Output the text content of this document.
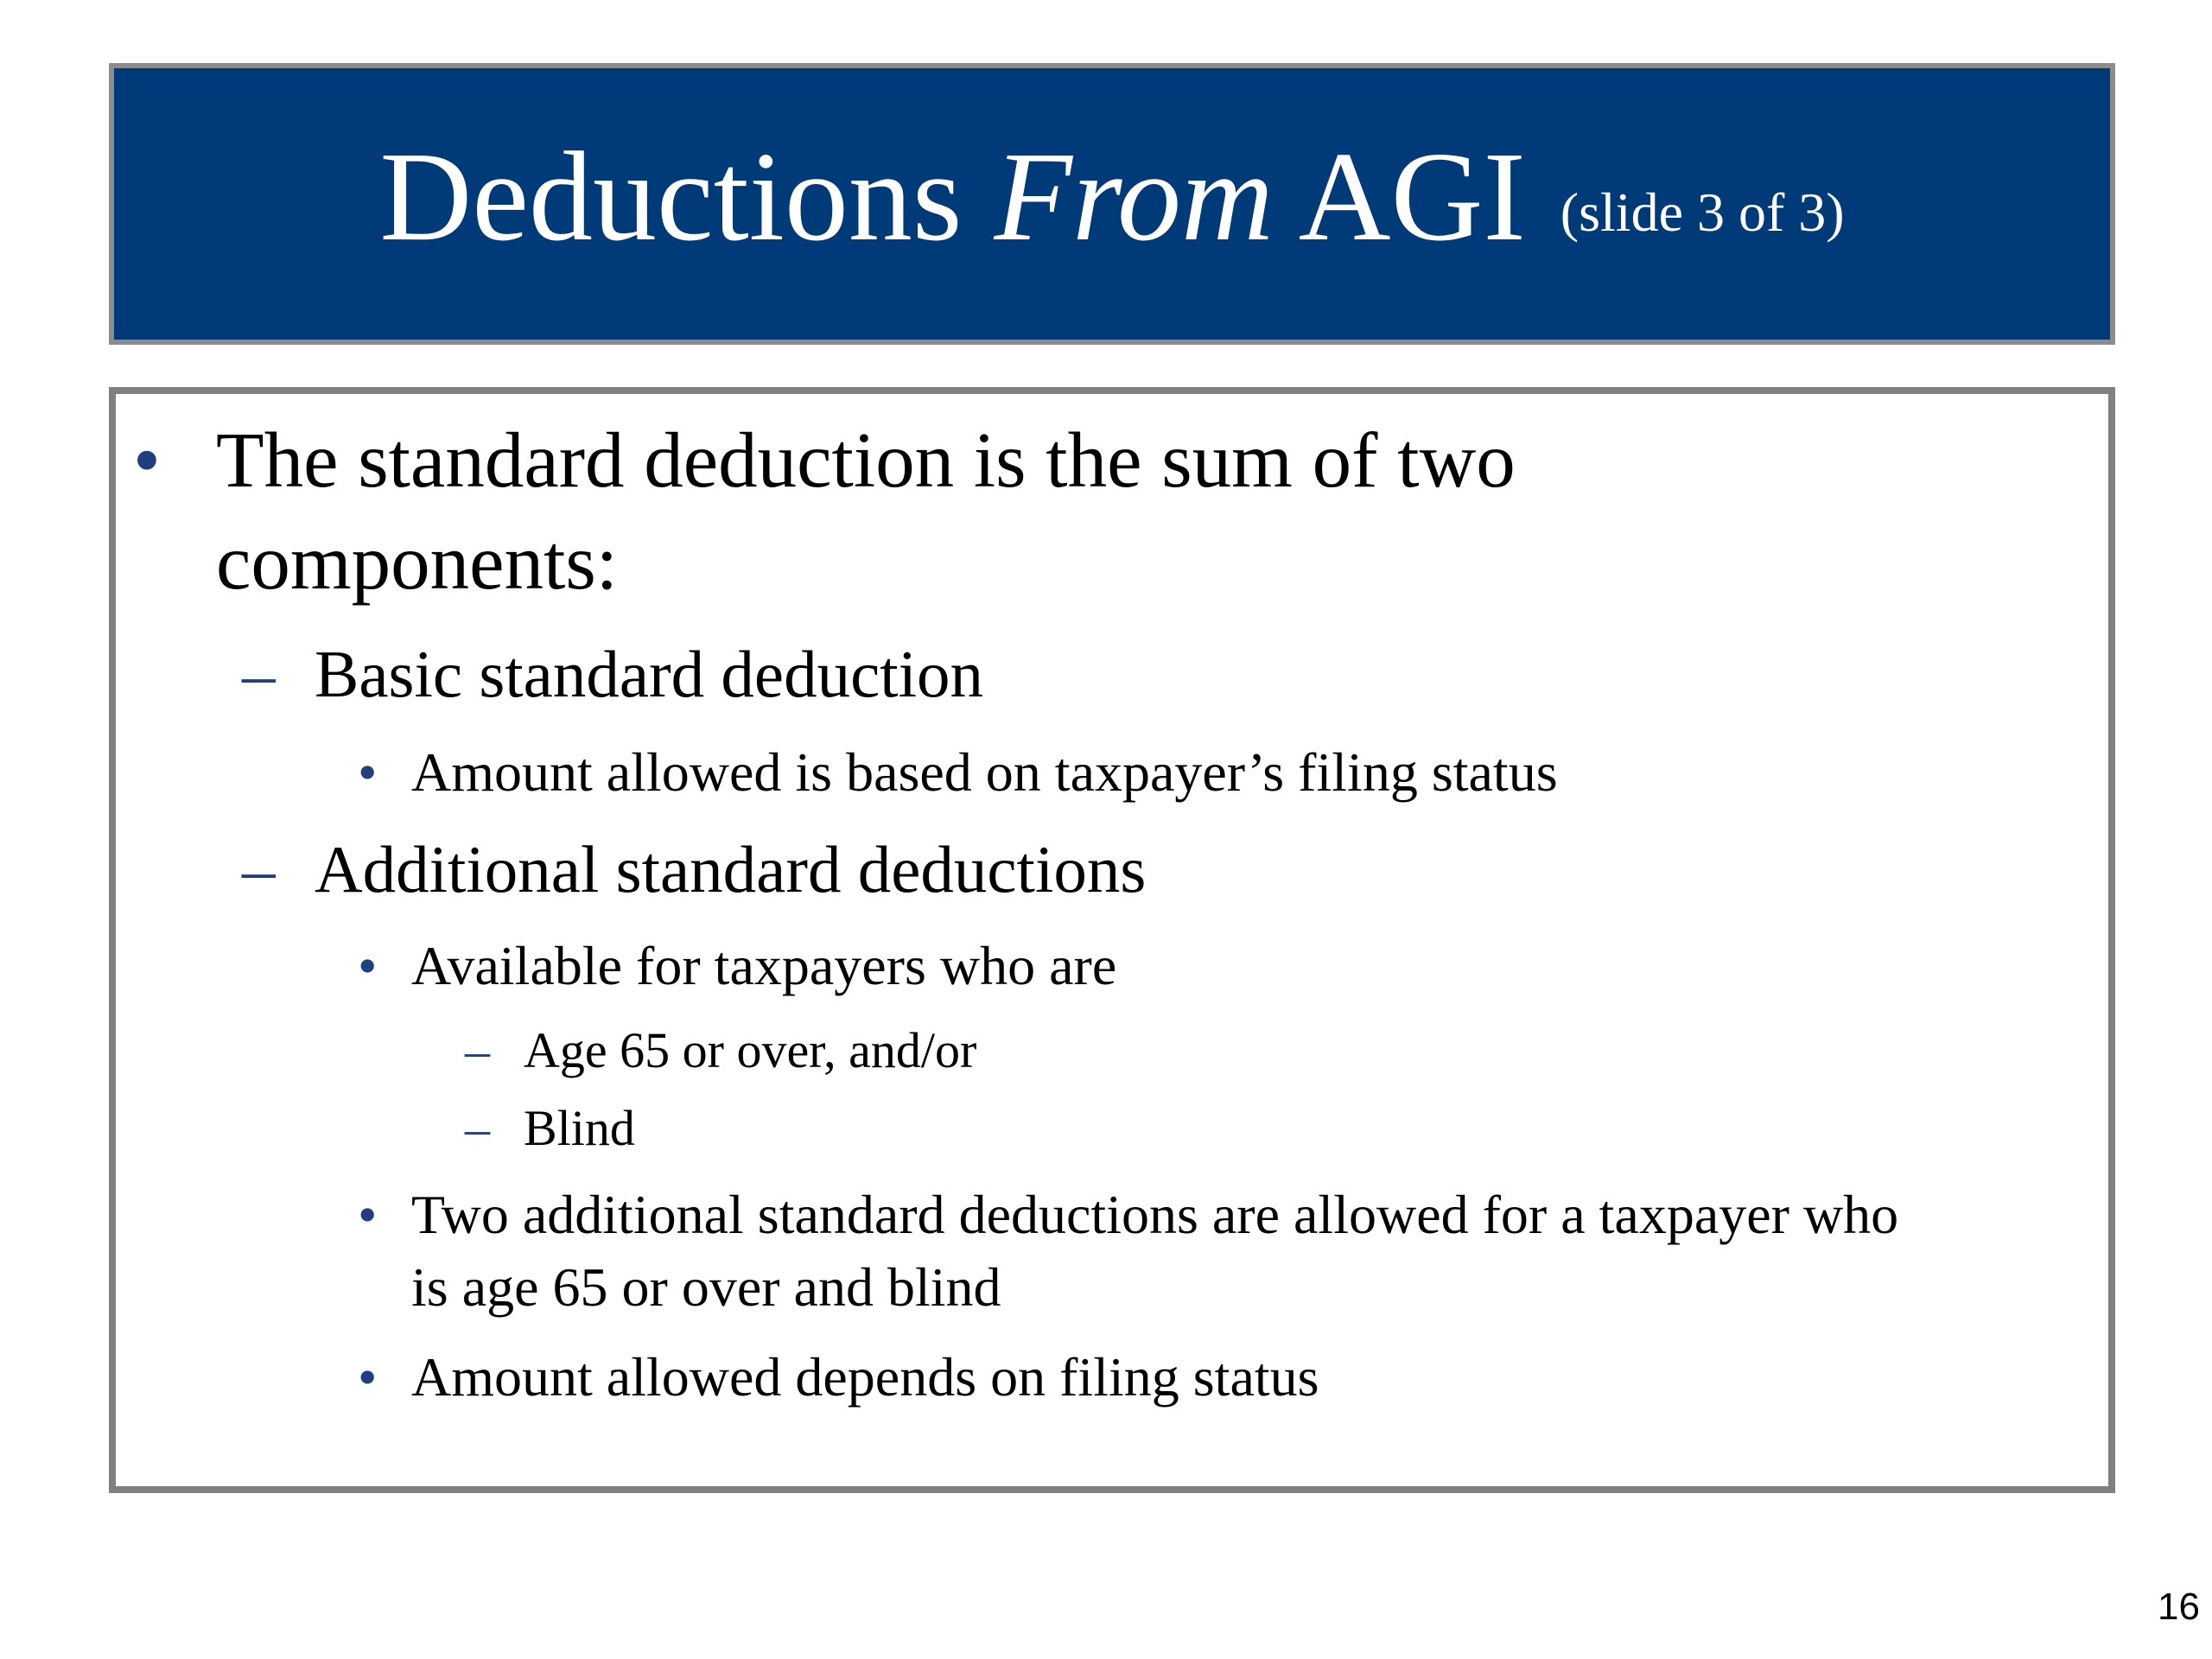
Deductions From AGI (slide 3 of 3)
• The standard deduction is the sum of two
components:
– Basic standard deduction
• Amount allowed is based on taxpayer’s filing status
– Additional standard deductions
• Available for taxpayers who are
– Age 65 or over, and/or
– Blind
• Two additional standard deductions are allowed for a taxpayer who
is age 65 or over and blind
• Amount allowed depends on filing status
16
